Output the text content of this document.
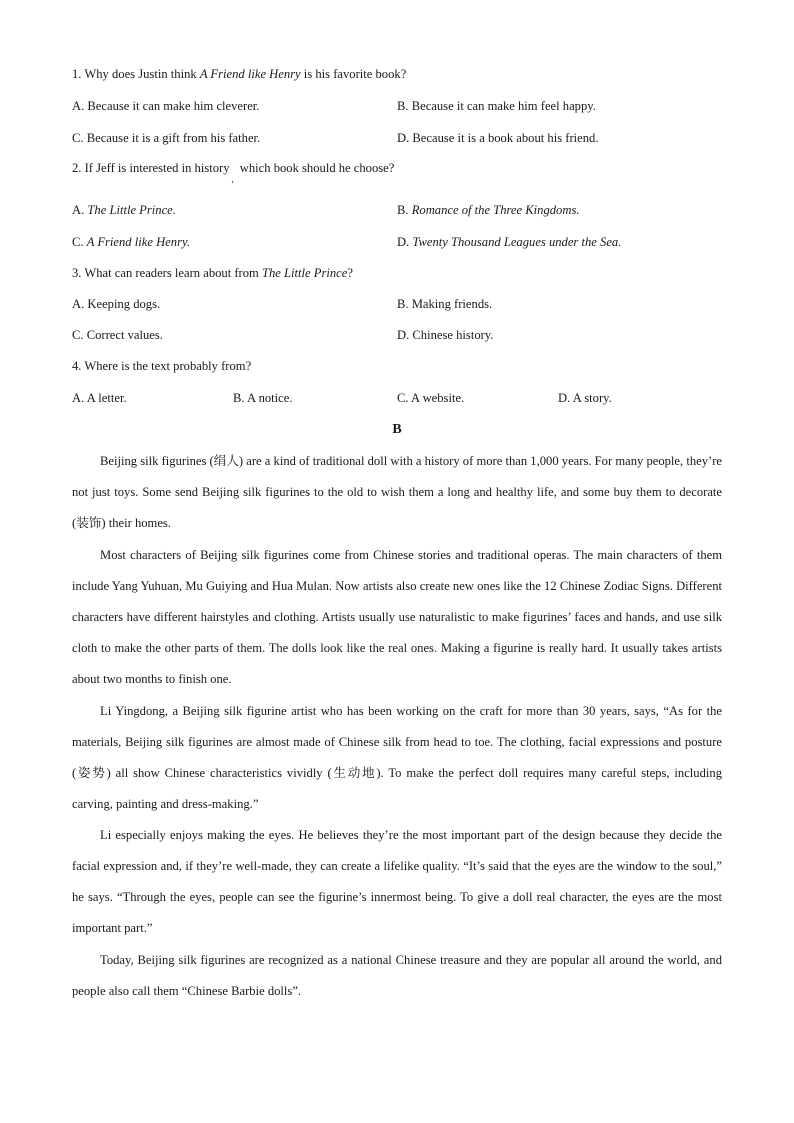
1. Why does Justin think A Friend like Henry is his favorite book?
A. Because it can make him cleverer.	B. Because it can make him feel happy.
C. Because it is a gift from his father.	D. Because it is a book about his friend.
2. If Jeff is interested in history$_,$which book should he choose?
A. The Little Prince.	B. Romance of the Three Kingdoms.
C. A Friend like Henry.	D. Twenty Thousand Leagues under the Sea.
3. What can readers learn about from The Little Prince?
A. Keeping dogs.	B. Making friends.
C. Correct values.	D. Chinese history.
4. Where is the text probably from?
A. A letter.	B. A notice.	C. A website.	D. A story.
B
Beijing silk figurines (绢人) are a kind of traditional doll with a history of more than 1,000 years. For many people, they’re not just toys. Some send Beijing silk figurines to the old to wish them a long and healthy life, and some buy them to decorate (装饰) their homes.
Most characters of Beijing silk figurines come from Chinese stories and traditional operas. The main characters of them include Yang Yuhuan, Mu Guiying and Hua Mulan. Now artists also create new ones like the 12 Chinese Zodiac Signs. Different characters have different hairstyles and clothing. Artists usually use naturalistic to make figurines’ faces and hands, and use silk cloth to make the other parts of them. The dolls look like the real ones. Making a figurine is really hard. It usually takes artists about two months to finish one.
Li Yingdong, a Beijing silk figurine artist who has been working on the craft for more than 30 years, says, “As for the materials, Beijing silk figurines are almost made of Chinese silk from head to toe. The clothing, facial expressions and posture (姿势) all show Chinese characteristics vividly (生动地). To make the perfect doll requires many careful steps, including carving, painting and dress-making.”
Li especially enjoys making the eyes. He believes they’re the most important part of the design because they decide the facial expression and, if they’re well-made, they can create a lifelike quality. “It’s said that the eyes are the window to the soul,” he says. “Through the eyes, people can see the figurine’s innermost being. To give a doll real character, the eyes are the most important part.”
Today, Beijing silk figurines are recognized as a national Chinese treasure and they are popular all around the world, and people also call them “Chinese Barbie dolls”.
